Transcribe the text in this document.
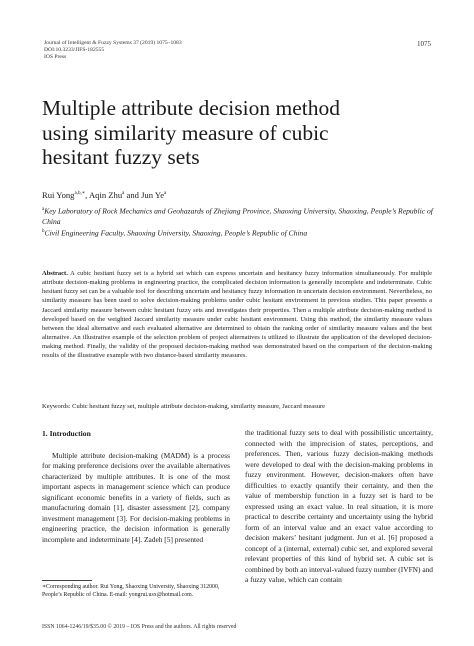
Journal of Intelligent & Fuzzy Systems 37 (2019) 1075–1083
DOI:10.3233/JIFS-182555
IOS Press
1075
Multiple attribute decision method
using similarity measure of cubic
hesitant fuzzy sets
Rui Yong$^{a,b,∗}$, Aqin Zhu$^a$ and Jun Ye$^a$
$^a$Key Laboratory of Rock Mechanics and Geohazards of Zhejiang Province, Shaoxing University, Shaoxing, People’s Republic of China
$^b$Civil Engineering Faculty, Shaoxing University, Shaoxing, People’s Republic of China
Abstract. A cubic hesitant fuzzy set is a hybrid set which can express uncertain and hesitancy fuzzy information simultaneously. For multiple attribute decision-making problems in engineering practice, the complicated decision information is generally incomplete and indeterminate. Cubic hesitant fuzzy set can be a valuable tool for describing uncertain and hesitancy fuzzy information in uncertain decision environment. Nevertheless, no similarity measure has been used to solve decision-making problems under cubic hesitant environment in previous studies. This paper presents a Jaccard similarity measure between cubic hesitant fuzzy sets and investigates their properties. Then a multiple attribute decision-making method is developed based on the weighted Jaccard similarity measure under cubic hesitant environment. Using this method, the similarity measure values between the ideal alternative and each evaluated alternative are determined to obtain the ranking order of similarity measure values and the best alternative. An illustrative example of the selection problem of project alternatives is utilized to illustrate the application of the developed decision-making method. Finally, the validity of the proposed decision-making method was demonstrated based on the comparison of the decision-making results of the illustrative example with two distance-based similarity measures.
Keywords: Cubic hesitant fuzzy set, multiple attribute decision-making, similarity measure, Jaccard measure
1. Introduction
Multiple attribute decision-making (MADM) is a process for making preference decisions over the available alternatives characterized by multiple attributes. It is one of the most important aspects in management science which can produce significant economic benefits in a variety of fields, such as manufacturing domain [1], disaster assessment [2], company investment management [3]. For decision-making problems in engineering practice, the decision information is generally incomplete and indeterminate [4]. Zadeh [5] presented
the traditional fuzzy sets to deal with possibilistic uncertainty, connected with the imprecision of states, perceptions, and preferences. Then, various fuzzy decision-making methods were developed to deal with the decision-making problems in fuzzy environment. However, decision-makers often have difficulties to exactly quantify their certainty, and then the value of membership function in a fuzzy set is hard to be expressed using an exact value. In real situation, it is more practical to describe certainty and uncertainty using the hybrid form of an interval value and an exact value according to decision makers’ hesitant judgment. Jun et al. [6] proposed a concept of a (internal, external) cubic set, and explored several relevant properties of this kind of hybrid set. A cubic set is combined by both an interval-valued fuzzy number (IVFN) and a fuzzy value, which can contain
∗Corresponding author. Rui Yong, Shaoxing University, Shaoxing 312000, People’s Republic of China. E-mail: yongrui.usx@hotmail.com.
ISSN 1064-1246/19/$35.00 © 2019 – IOS Press and the authors. All rights reserved
